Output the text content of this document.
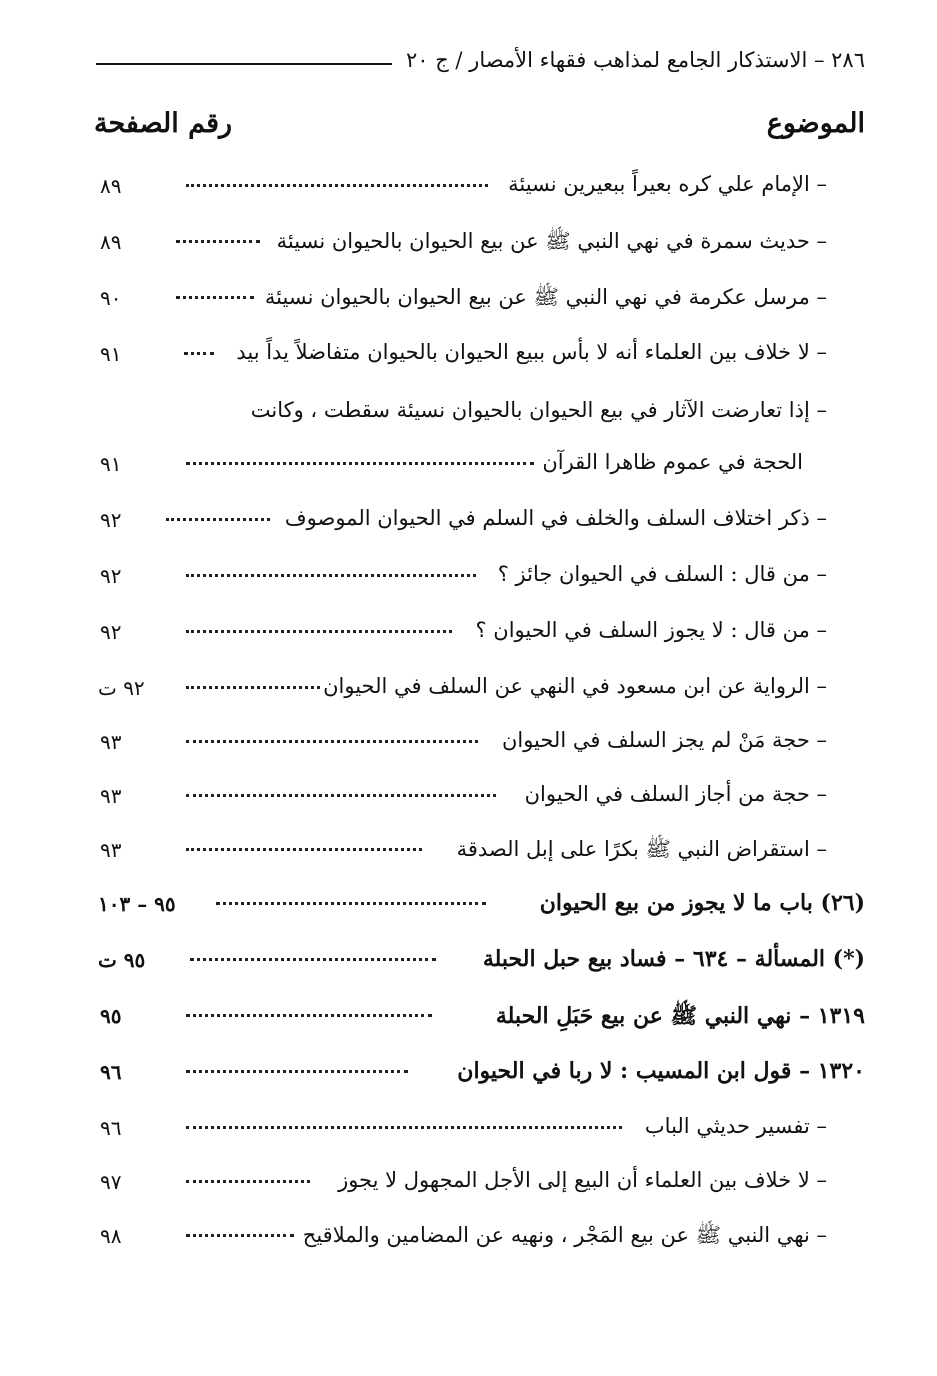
٢٨٦ – الاستذكار الجامع لمذاهب فقهاء الأمصار / ج ٢٠
الموضوع
رقم الصفحة
– الإمام علي كره بعيراً ببعيرين نسيئة
٨٩
– حديث سمرة في نهي النبي ﷺ عن بيع الحيوان بالحيوان نسيئة
٨٩
– مرسل عكرمة في نهي النبي ﷺ عن بيع الحيوان بالحيوان نسيئة
٩٠
– لا خلاف بين العلماء أنه لا بأس ببيع الحيوان بالحيوان متفاضلاً يداً بيد
٩١
– إذا تعارضت الآثار في بيع الحيوان بالحيوان نسيئة سقطت ، وكانت
الحجة في عموم ظاهرا القرآن
٩١
– ذكر اختلاف السلف والخلف في السلم في الحيوان الموصوف
٩٢
– من قال : السلف في الحيوان جائز ؟
٩٢
– من قال : لا يجوز السلف في الحيوان ؟
٩٢
– الرواية عن ابن مسعود في النهي عن السلف في الحيوان
٩٢ ت
– حجة مَنْ لم يجز السلف في الحيوان
٩٣
– حجة من أجاز السلف في الحيوان
٩٣
– استقراض النبي ﷺ بكرًا على إبل الصدقة
٩٣
(٢٦) باب ما لا يجوز من بيع الحيوان
٩٥ – ١٠٣
(*) المسألة – ٦٣٤ – فساد بيع حبل الحبلة
٩٥ ت
١٣١٩ – نهي النبي ﷺ عن بيع حَبَلِ الحبلة
٩٥
١٣٢٠ – قول ابن المسيب : لا ربا في الحيوان
٩٦
– تفسير حديثي الباب
٩٦
– لا خلاف بين العلماء أن البيع إلى الأجل المجهول لا يجوز
٩٧
– نهي النبي ﷺ عن بيع المَجْر ، ونهيه عن المضامين والملاقيح
٩٨
